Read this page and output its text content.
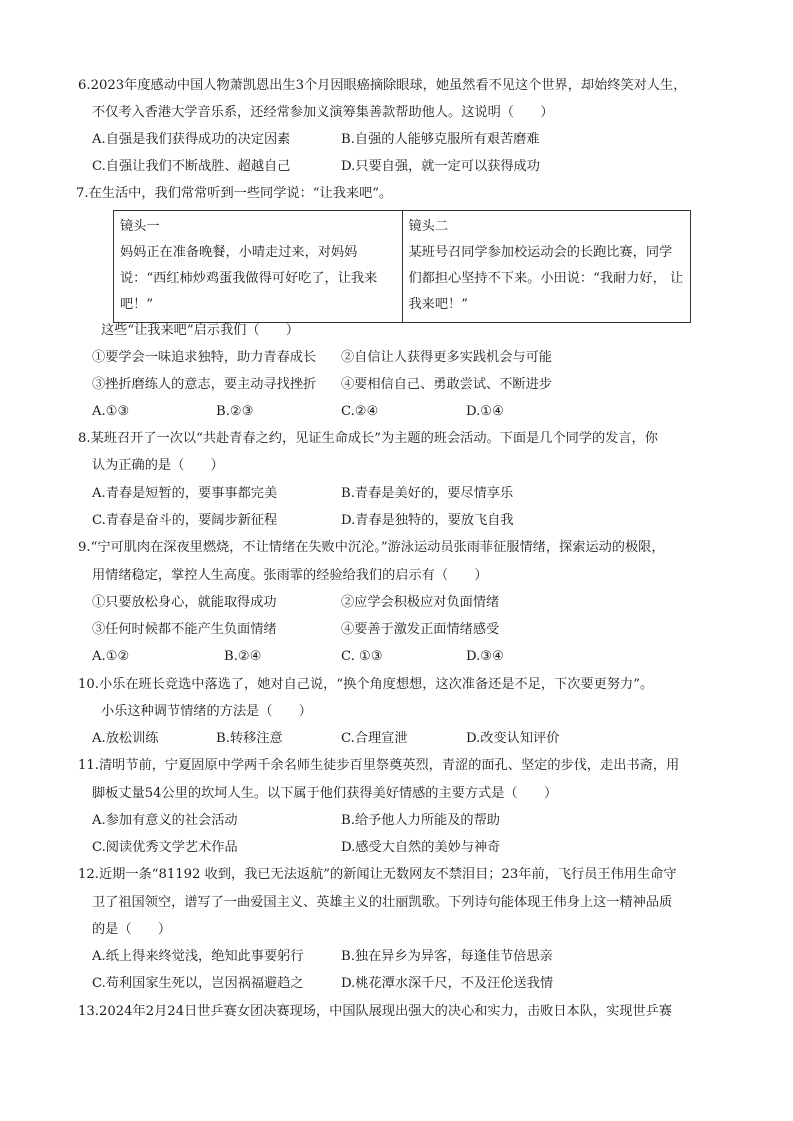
6.2023年度感动中国人物萧凯恩出生3个月因眼癌摘除眼球，她虽然看不见这个世界，却始终笑对人生，
不仅考入香港大学音乐系，还经常参加义演筹集善款帮助他人。这说明（　　）
A.自强是我们获得成功的决定因素	B.自强的人能够克服所有艰苦磨难
C.自强让我们不断战胜、超越自己	D.只要自强，就一定可以获得成功
7.在生活中，我们常常听到一些同学说：“让我来吧”。
镜头一
妈妈正在准备晚餐，小晴走过来，对妈妈说：“西红柿炒鸡蛋我做得可好吃了，让我来吧！”

镜头二
某班号召同学参加校运动会的长跑比赛，同学们都担心坚持不下来。小田说：“我耐力好， 让我来吧！”
这些“让我来吧”启示我们（　　）
①要学会一味追求独特，助力青春成长 ②自信让人获得更多实践机会与可能
③挫折磨练人的意志，要主动寻找挫折 ④要相信自己、勇敢尝试、不断进步
A.①③	B.②③	C.②④	D.①④
8.某班召开了一次以“共赴青春之约，见证生命成长”为主题的班会活动。下面是几个同学的发言，你
认为正确的是（　　）
A.青春是短暂的，要事事都完美	B.青春是美好的，要尽情享乐
C.青春是奋斗的，要阔步新征程	D.青春是独特的，要放飞自我
9.“宁可肌肉在深夜里燃烧，不让情绪在失败中沉沦。”游泳运动员张雨菲征服情绪，探索运动的极限，
用情绪稳定，掌控人生高度。张雨霏的经验给我们的启示有（　　）
①只要放松身心，就能取得成功	②应学会积极应对负面情绪
③任何时候都不能产生负面情绪	④要善于激发正面情绪感受
A.①②	B.②④	C. ①③	D.③④
10.小乐在班长竞选中落选了，她对自己说，“换个角度想想，这次准备还是不足，下次要更努力”。
小乐这种调节情绪的方法是（　　）
A.放松训练	B.转移注意	C.合理宣泄	D.改变认知评价
11.清明节前，宁夏固原中学两千余名师生徒步百里祭奠英烈，青涩的面孔、坚定的步伐，走出书斋，用
脚板丈量54公里的坎坷人生。以下属于他们获得美好情感的主要方式是（　　）
A.参加有意义的社会活动	B.给予他人力所能及的帮助
C.阅读优秀文学艺术作品	D.感受大自然的美妙与神奇
12.近期一条“81192 收到，我已无法返航”的新闻让无数网友不禁泪目；23年前，飞行员王伟用生命守
卫了祖国领空，谱写了一曲爱国主义、英雄主义的壮丽凯歌。下列诗句能体现王伟身上这一精神品质
的是（　　）
A.纸上得来终觉浅，绝知此事要躬行	B.独在异乡为异客，每逢佳节倍思亲
C.苟利国家生死以，岂因祸福避趋之	D.桃花潭水深千尺，不及汪伦送我情
13.2024年2月24日世乒赛女团决赛现场，中国队展现出强大的决心和实力，击败日本队，实现世乒赛
